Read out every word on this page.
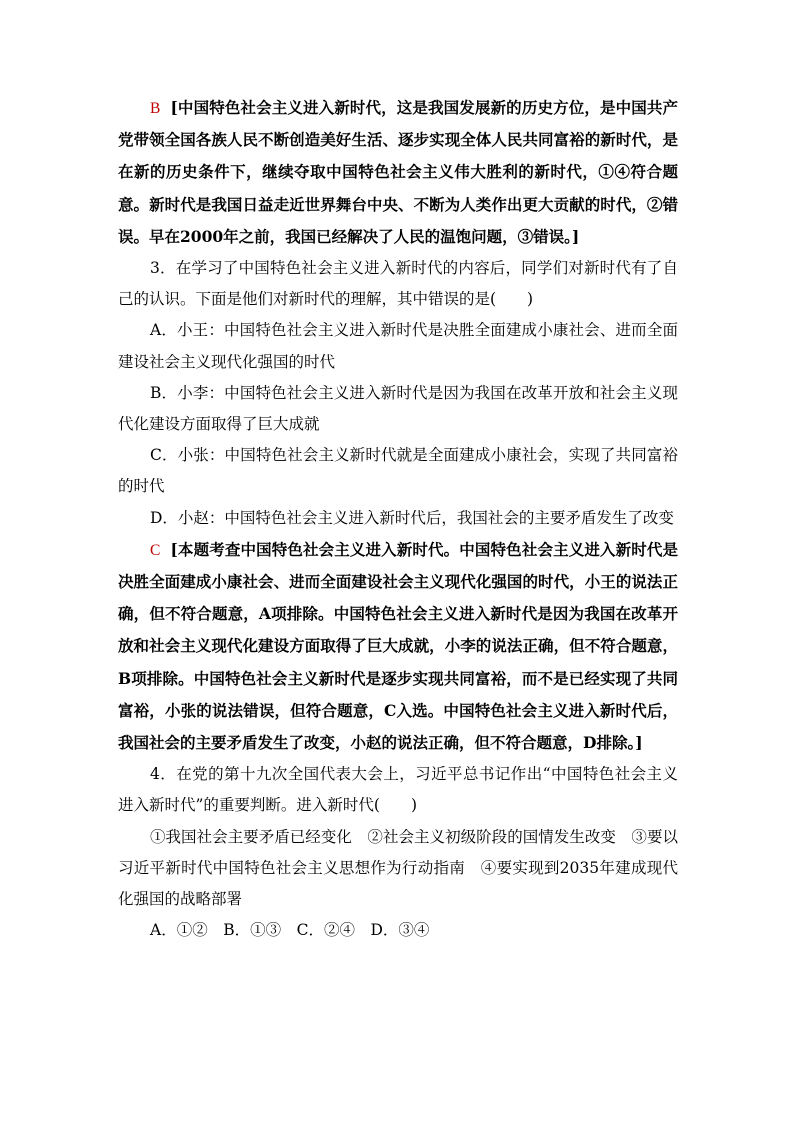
B [中国特色社会主义进入新时代，这是我国发展新的历史方位，是中国共产党带领全国各族人民不断创造美好生活、逐步实现全体人民共同富裕的新时代，是在新的历史条件下，继续夺取中国特色社会主义伟大胜利的新时代，①④符合题意。新时代是我国日益走近世界舞台中央、不断为人类作出更大贡献的时代，②错误。早在2000年之前，我国已经解决了人民的温饱问题，③错误。]

3．在学习了中国特色社会主义进入新时代的内容后，同学们对新时代有了自己的认识。下面是他们对新时代的理解，其中错误的是(　　)

A．小王：中国特色社会主义进入新时代是决胜全面建成小康社会、进而全面建设社会主义现代化强国的时代

B．小李：中国特色社会主义进入新时代是因为我国在改革开放和社会主义现代化建设方面取得了巨大成就

C．小张：中国特色社会主义新时代就是全面建成小康社会，实现了共同富裕的时代

D．小赵：中国特色社会主义进入新时代后，我国社会的主要矛盾发生了改变

C [本题考查中国特色社会主义进入新时代。中国特色社会主义进入新时代是决胜全面建成小康社会、进而全面建设社会主义现代化强国的时代，小王的说法正确，但不符合题意，A项排除。中国特色社会主义进入新时代是因为我国在改革开放和社会主义现代化建设方面取得了巨大成就，小李的说法正确，但不符合题意，B项排除。中国特色社会主义新时代是逐步实现共同富裕，而不是已经实现了共同富裕，小张的说法错误，但符合题意，C入选。中国特色社会主义进入新时代后，我国社会的主要矛盾发生了改变，小赵的说法正确，但不符合题意，D排除。]

4．在党的第十九次全国代表大会上，习近平总书记作出“中国特色社会主义进入新时代”的重要判断。进入新时代(　　)

①我国社会主要矛盾已经变化　②社会主义初级阶段的国情发生改变　③要以习近平新时代中国特色社会主义思想作为行动指南　④要实现到2035年建成现代化强国的战略部署

A．①②　B．①③　C．②④　D．③④
